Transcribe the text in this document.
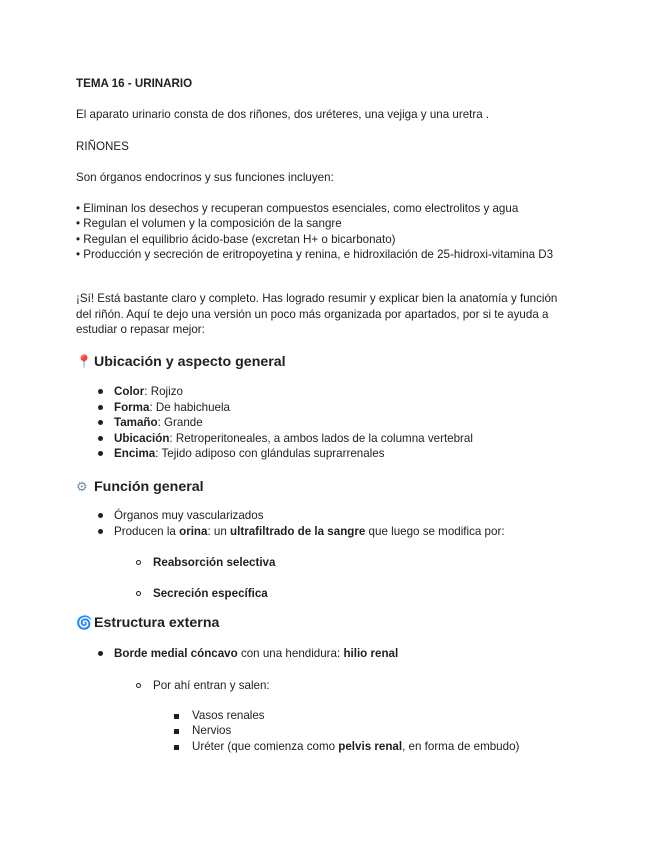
TEMA 16 - URINARIO
El aparato urinario consta de dos riñones, dos uréteres, una vejiga y una uretra .
RIÑONES
Son órganos endocrinos y sus funciones incluyen:
• Eliminan los desechos y recuperan compuestos esenciales, como electrolitos y agua
• Regulan el volumen y la composición de la sangre
• Regulan el equilibrio ácido-base (excretan H+ o bicarbonato)
• Producción y secreción de eritropoyetina y renina, e hidroxilación de 25-hidroxi-vitamina D3
¡Sí! Está bastante claro y completo. Has logrado resumir y explicar bien la anatomía y función
del riñón. Aquí te dejo una versión un poco más organizada por apartados, por si te ayuda a
estudiar o repasar mejor:
📍 Ubicación y aspecto general
Color: Rojizo
Forma: De habichuela
Tamaño: Grande
Ubicación: Retroperitoneales, a ambos lados de la columna vertebral
Encima: Tejido adiposo con glándulas suprarrenales
⚙ Función general
Órganos muy vascularizados
Producen la orina: un ultrafiltrado de la sangre que luego se modifica por:
Reabsorción selectiva
Secreción específica
🌀 Estructura externa
Borde medial cóncavo con una hendidura: hilio renal
Por ahí entran y salen:
Vasos renales
Nervios
Uréter (que comienza como pelvis renal, en forma de embudo)
